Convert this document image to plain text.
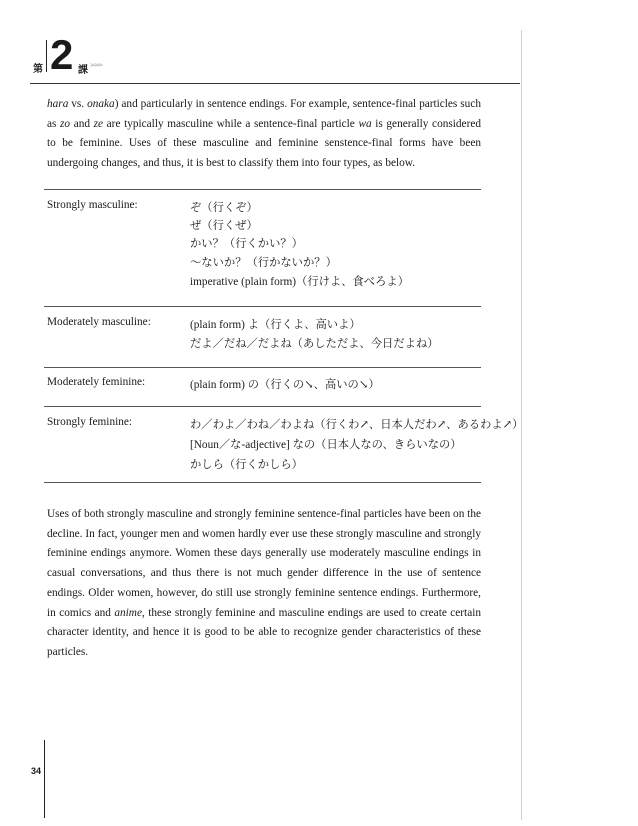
第 2 課 >>>>>
hara vs. onaka) and particularly in sentence endings. For example, sentence-final particles such as zo and ze are typically masculine while a sentence-final particle wa is generally considered to be feminine. Uses of these masculine and feminine senstence-final forms have been undergoing changes, and thus, it is best to classify them into four types, as below.
Strongly masculine:	ぞ（行くぞ）
ぜ（行くぜ）
かい？（行くかい？）
〜ないか？（行かないか？）
imperative (plain form)（行けよ、食べろよ）
Moderately masculine:	(plain form) よ（行くよ、高いよ）
だよ／だね／だよね（あしただよ、今日だよね）
Moderately feminine:	(plain form) の（行くの↘、高いの↘）
Strongly feminine:	わ／わよ／わね／わよね（行くわ↗、日本人だわ↗、あるわよ↗）
[Noun／な-adjective] なの（日本人なの、きらいなの）
かしら（行くかしら）
Uses of both strongly masculine and strongly feminine sentence-final particles have been on the decline. In fact, younger men and women hardly ever use these strongly masculine and strongly feminine endings anymore. Women these days generally use moderately masculine endings in casual conversations, and thus there is not much gender difference in the use of sentence endings. Older women, however, do still use strongly feminine sentence endings. Furthermore, in comics and anime, these strongly feminine and masculine endings are used to create certain character identity, and hence it is good to be able to recognize gender characteristics of these particles.
34
